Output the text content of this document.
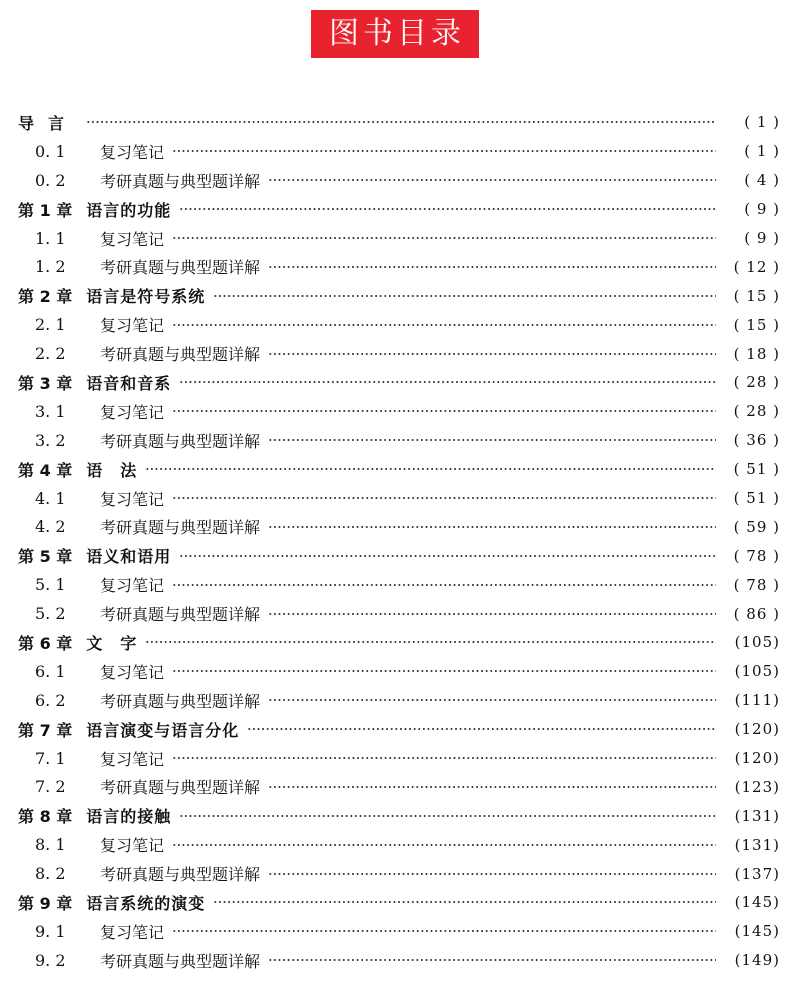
图书目录
导言	( 1 )
0. 1	复习笔记	( 1 )
0. 2	考研真题与典型题详解	( 4 )
第 1 章 语言的功能	( 9 )
1. 1	复习笔记	( 9 )
1. 2	考研真题与典型题详解	( 12 )
第 2 章 语言是符号系统	( 15 )
2. 1	复习笔记	( 15 )
2. 2	考研真题与典型题详解	( 18 )
第 3 章 语音和音系	( 28 )
3. 1	复习笔记	( 28 )
3. 2	考研真题与典型题详解	( 36 )
第 4 章 语　法	( 51 )
4. 1	复习笔记	( 51 )
4. 2	考研真题与典型题详解	( 59 )
第 5 章 语义和语用	( 78 )
5. 1	复习笔记	( 78 )
5. 2	考研真题与典型题详解	( 86 )
第 6 章 文　字	(105)
6. 1	复习笔记	(105)
6. 2	考研真题与典型题详解	(111)
第 7 章 语言演变与语言分化	(120)
7. 1	复习笔记	(120)
7. 2	考研真题与典型题详解	(123)
第 8 章 语言的接触	(131)
8. 1	复习笔记	(131)
8. 2	考研真题与典型题详解	(137)
第 9 章 语言系统的演变	(145)
9. 1	复习笔记	(145)
9. 2	考研真题与典型题详解	(149)
